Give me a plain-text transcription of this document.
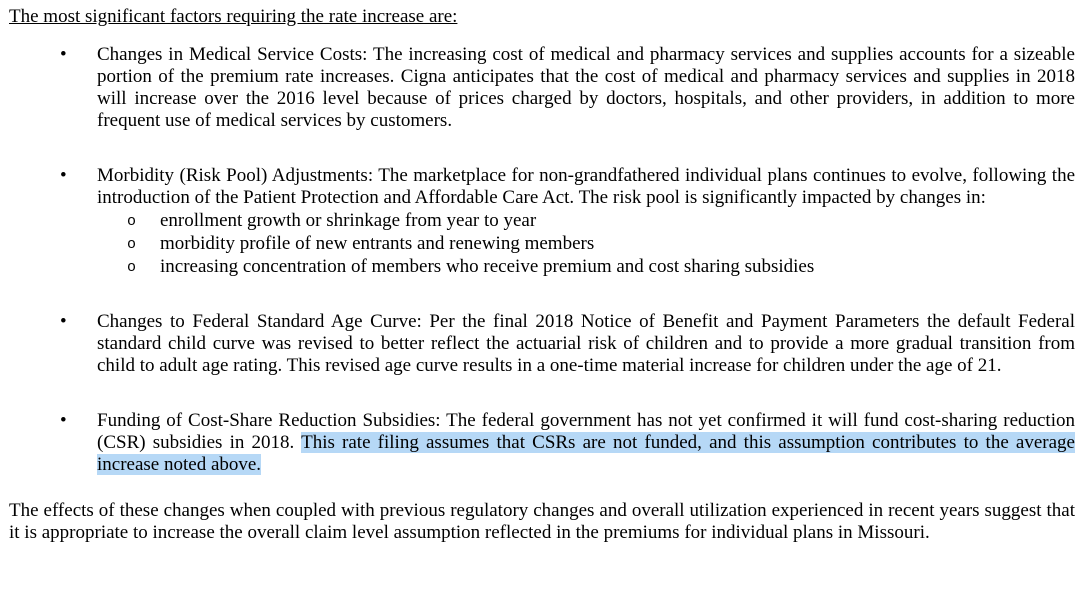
The most significant factors requiring the rate increase are:

• Changes in Medical Service Costs: The increasing cost of medical and pharmacy services and supplies accounts for a sizeable portion of the premium rate increases. Cigna anticipates that the cost of medical and pharmacy services and supplies in 2018 will increase over the 2016 level because of prices charged by doctors, hospitals, and other providers, in addition to more frequent use of medical services by customers.
• Morbidity (Risk Pool) Adjustments: The marketplace for non-grandfathered individual plans continues to evolve, following the introduction of the Patient Protection and Affordable Care Act. The risk pool is significantly impacted by changes in:
o enrollment growth or shrinkage from year to year
o morbidity profile of new entrants and renewing members
o increasing concentration of members who receive premium and cost sharing subsidies
• Changes to Federal Standard Age Curve: Per the final 2018 Notice of Benefit and Payment Parameters the default Federal standard child curve was revised to better reflect the actuarial risk of children and to provide a more gradual transition from child to adult age rating. This revised age curve results in a one-time material increase for children under the age of 21.
• Funding of Cost-Share Reduction Subsidies: The federal government has not yet confirmed it will fund cost-sharing reduction (CSR) subsidies in 2018. This rate filing assumes that CSRs are not funded, and this assumption contributes to the average increase noted above.

The effects of these changes when coupled with previous regulatory changes and overall utilization experienced in recent years suggest that it is appropriate to increase the overall claim level assumption reflected in the premiums for individual plans in Missouri.
